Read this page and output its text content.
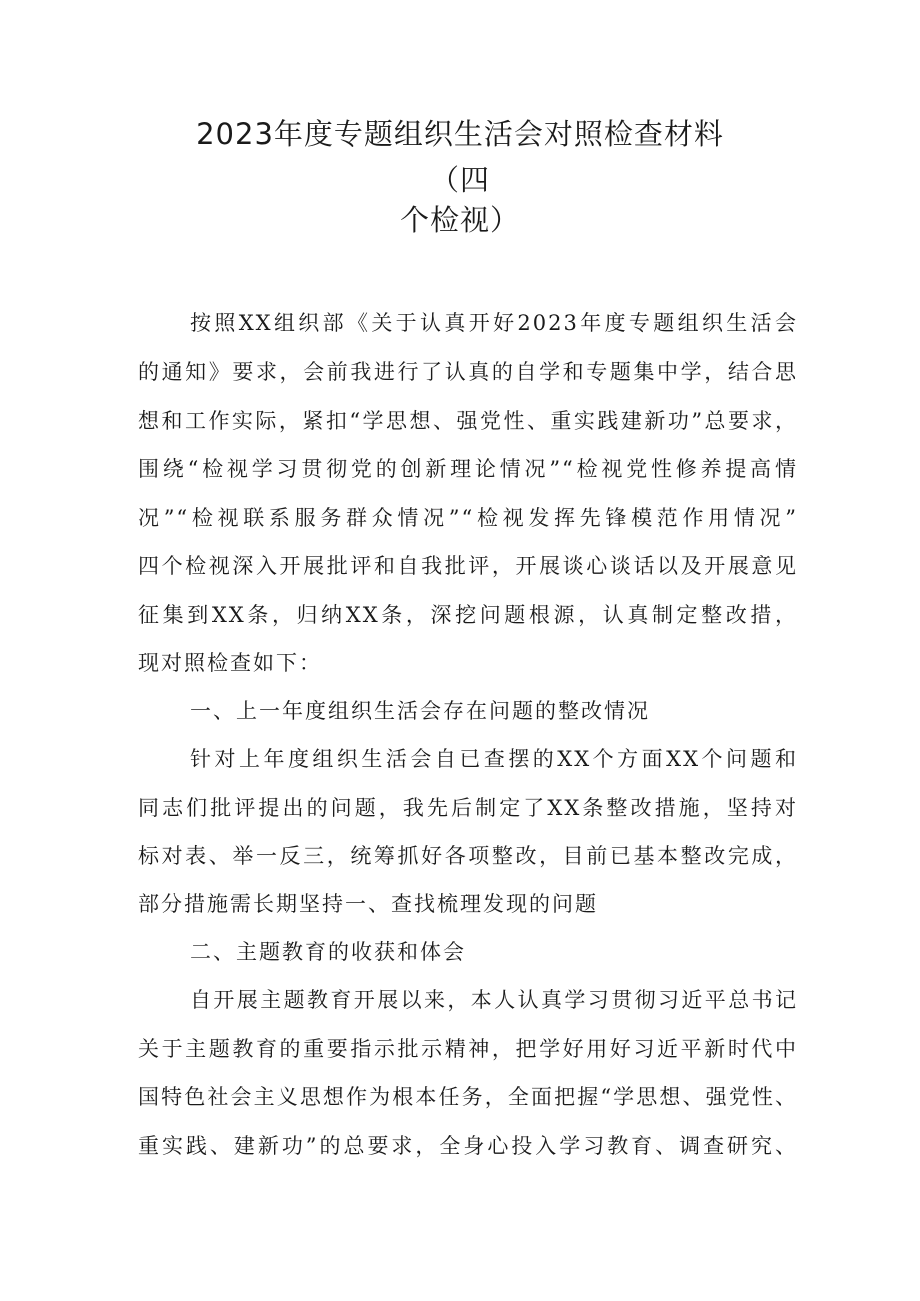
2023年度专题组织生活会对照检查材料
（四
个检视）
按照XX组织部《关于认真开好2023年度专题组织生活会
的通知》要求，会前我进行了认真的自学和专题集中学，结合思
想和工作实际，紧扣“学思想、强党性、重实践建新功”总要求，
围绕“检视学习贯彻党的创新理论情况”“检视党性修养提高情
况”“检视联系服务群众情况”“检视发挥先锋模范作用情况”
四个检视深入开展批评和自我批评，开展谈心谈话以及开展意见
征集到XX条，归纳XX条，深挖问题根源，认真制定整改措，
现对照检查如下：
一、上一年度组织生活会存在问题的整改情况
针对上年度组织生活会自已查摆的XX个方面XX个问题和
同志们批评提出的问题，我先后制定了XX条整改措施，坚持对
标对表、举一反三，统筹抓好各项整改，目前已基本整改完成，
部分措施需长期坚持一、查找梳理发现的问题
二、主题教育的收获和体会
自开展主题教育开展以来，本人认真学习贯彻习近平总书记
关于主题教育的重要指示批示精神，把学好用好习近平新时代中
国特色社会主义思想作为根本任务，全面把握“学思想、强党性、
重实践、建新功”的总要求，全身心投入学习教育、调查研究、
